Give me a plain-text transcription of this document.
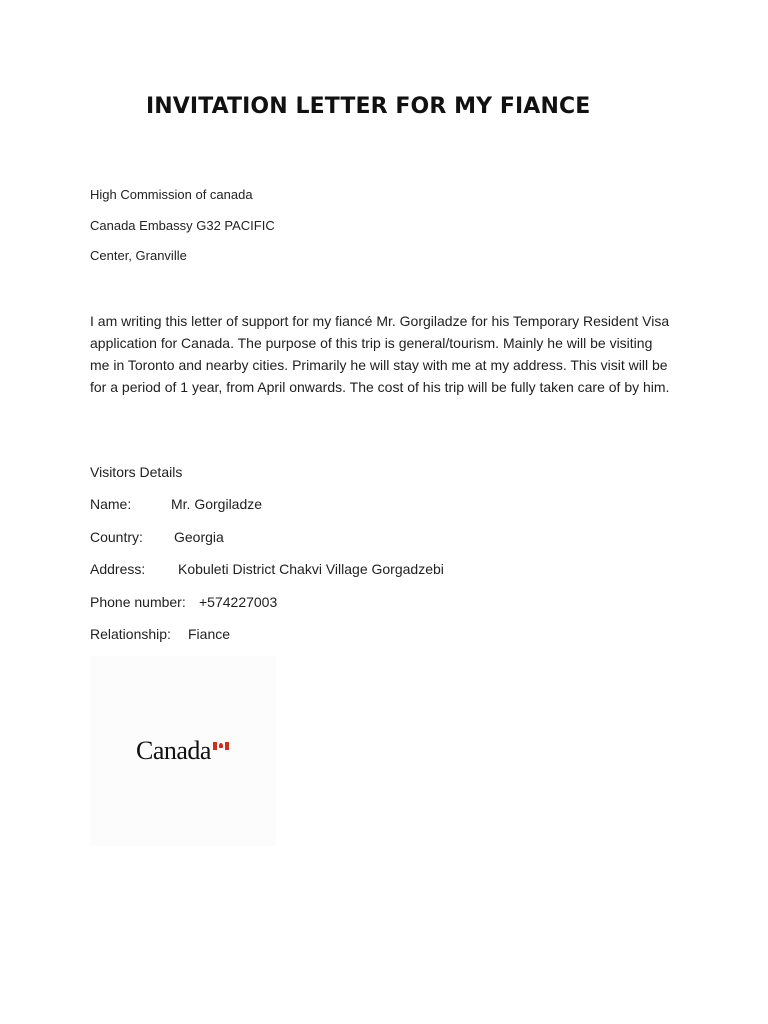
INVITATION LETTER FOR MY FIANCE

High Commission of canada

Canada Embassy G32 PACIFIC

Center, Granville

I am writing this letter of support for my fiancé Mr. Gorgiladze for his Temporary Resident Visa application for Canada. The purpose of this trip is general/tourism. Mainly he will be visiting me in Toronto and nearby cities. Primarily he will stay with me at my address. This visit will be for a period of 1 year, from April onwards. The cost of his trip will be fully taken care of by him.

Visitors Details

Name:	Mr. Gorgiladze

Country: Georgia

Address: Kobuleti District Chakvi Village Gorgadzebi

Phone number: +574227003

Relationship: Fiance

Canada
